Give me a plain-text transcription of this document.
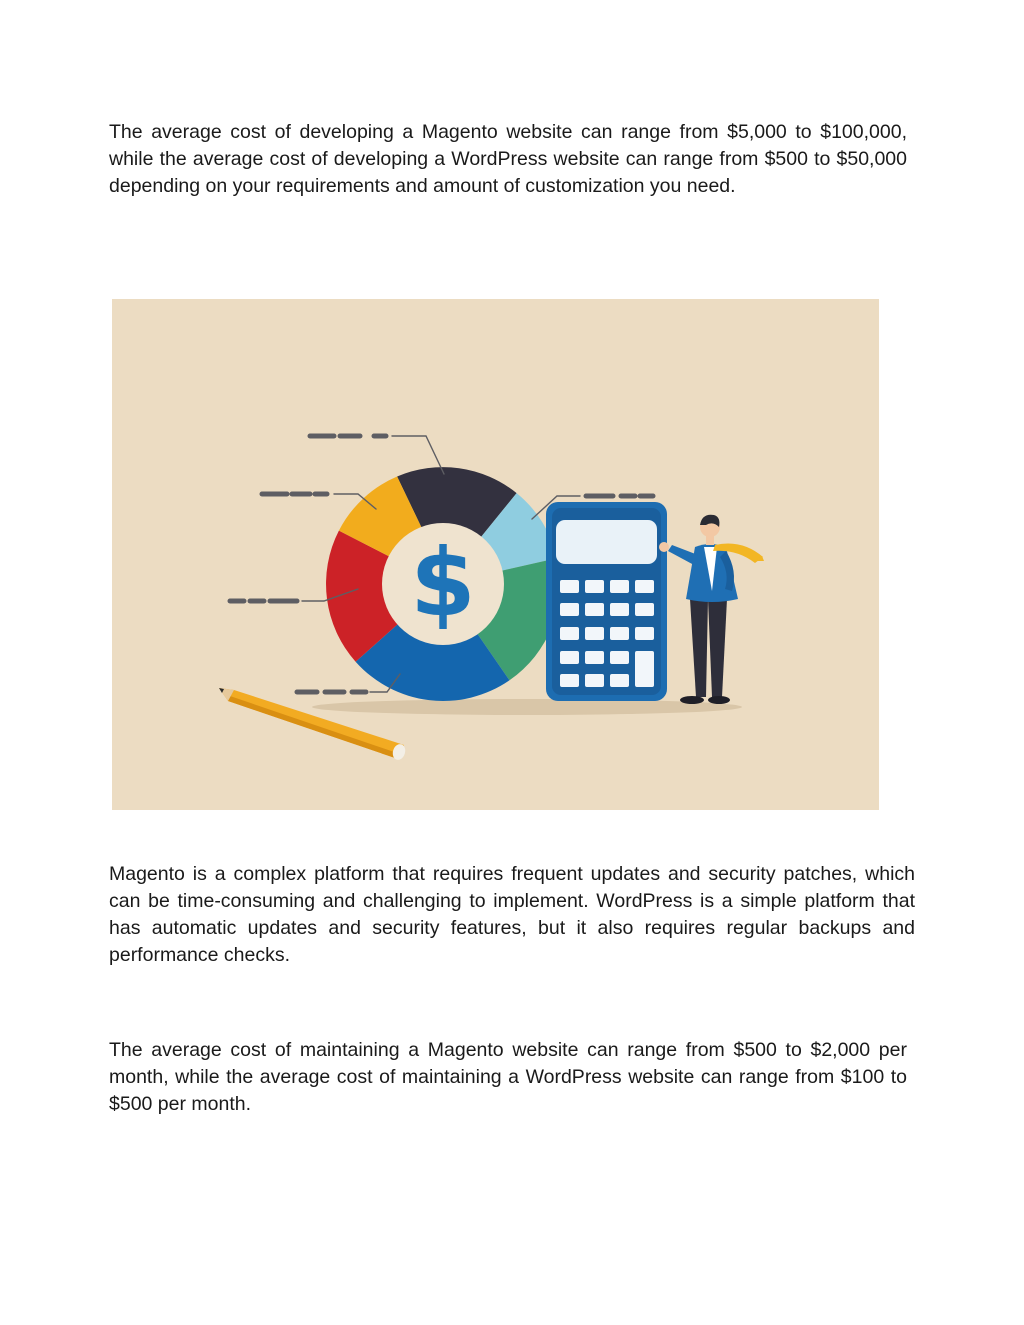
The average cost of developing a Magento website can range from $5,000 to $100,000, while the average cost of developing a WordPress website can range from $500 to $50,000 depending on your requirements and amount of customization you need.

$

Magento is a complex platform that requires frequent updates and security patches, which can be time-consuming and challenging to implement. WordPress is a simple platform that has automatic updates and security features, but it also requires regular backups and performance checks.

The average cost of maintaining a Magento website can range from $500 to $2,000 per month, while the average cost of maintaining a WordPress website can range from $100 to $500 per month.
